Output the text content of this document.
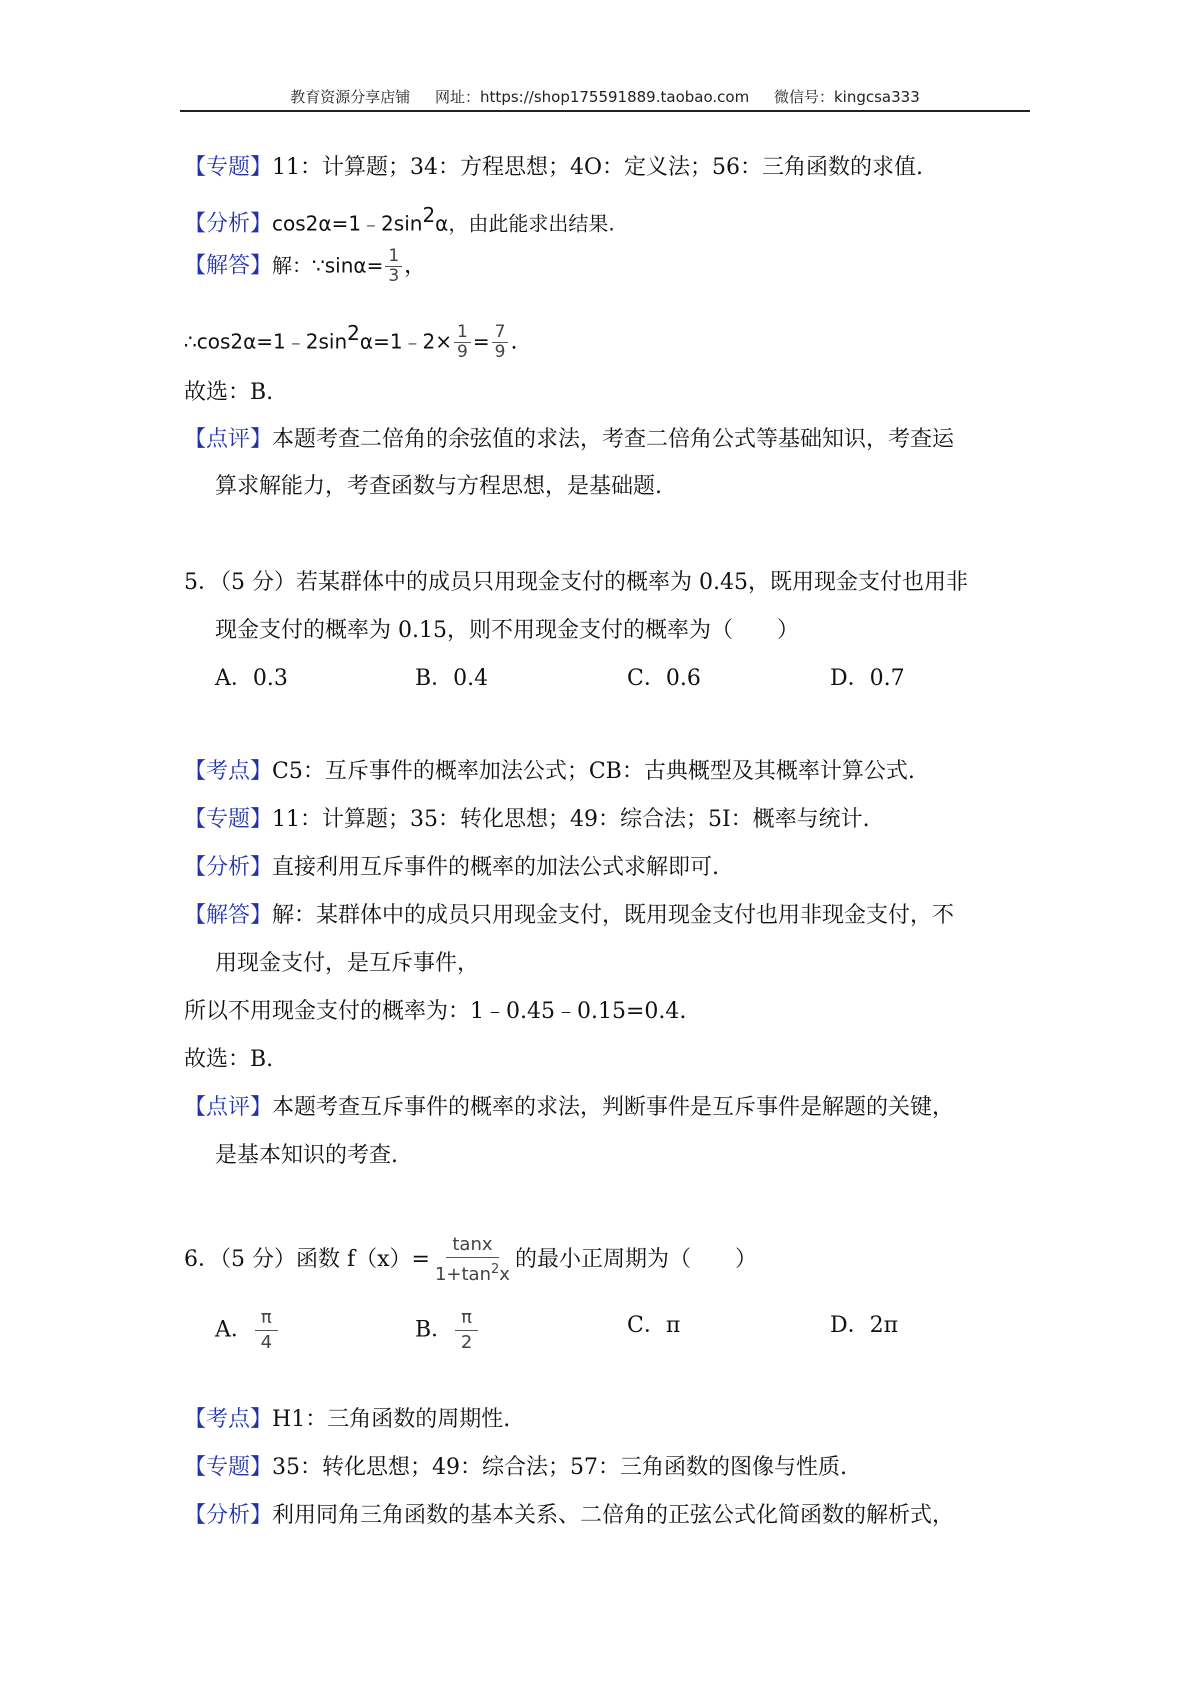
教育资源分享店铺 网址：https://shop175591889.taobao.com 微信号：kingcsa333
【专题】11：计算题；34：方程思想；4O：定义法；56：三角函数的求值.
【分析】$\cos 2\alpha=1﹣2\sin^2\alpha$，由此能求出结果.
【解答】解：∵sinα= $\frac{1}{3}$ ，
$\therefore\cos 2\alpha=1﹣2\sin^2\alpha=1﹣2\times \frac{1}{9} = \frac{7}{9}$ .
故选：B.
【点评】本题考查二倍角的余弦值的求法，考查二倍角公式等基础知识，考查运
算求解能力，考查函数与方程思想，是基础题.
5．（5 分）若某群体中的成员只用现金支付的概率为 0.45，既用现金支付也用非
现金支付的概率为 0.15，则不用现金支付的概率为（　　）
A．0.3	B．0.4	C．0.6	D．0.7
【考点】C5：互斥事件的概率加法公式；CB：古典概型及其概率计算公式.
【专题】11：计算题；35：转化思想；49：综合法；5I：概率与统计.
【分析】直接利用互斥事件的概率的加法公式求解即可.
【解答】解：某群体中的成员只用现金支付，既用现金支付也用非现金支付，不
用现金支付，是互斥事件，
所以不用现金支付的概率为：1﹣0.45﹣0.15=0.4.
故选：B.
【点评】本题考查互斥事件的概率的求法，判断事件是互斥事件是解题的关键，
是基本知识的考查.
6．（5 分）函数 $f(x)= \frac{\tan x}{1+\tan^2x}$ 的最小正周期为（　　）
A． $\frac{\pi}{4}$	B． $\frac{\pi}{2}$	C．π	D．2π
【考点】H1：三角函数的周期性.
【专题】35：转化思想；49：综合法；57：三角函数的图像与性质.
【分析】利用同角三角函数的基本关系、二倍角的正弦公式化简函数的解析式，
